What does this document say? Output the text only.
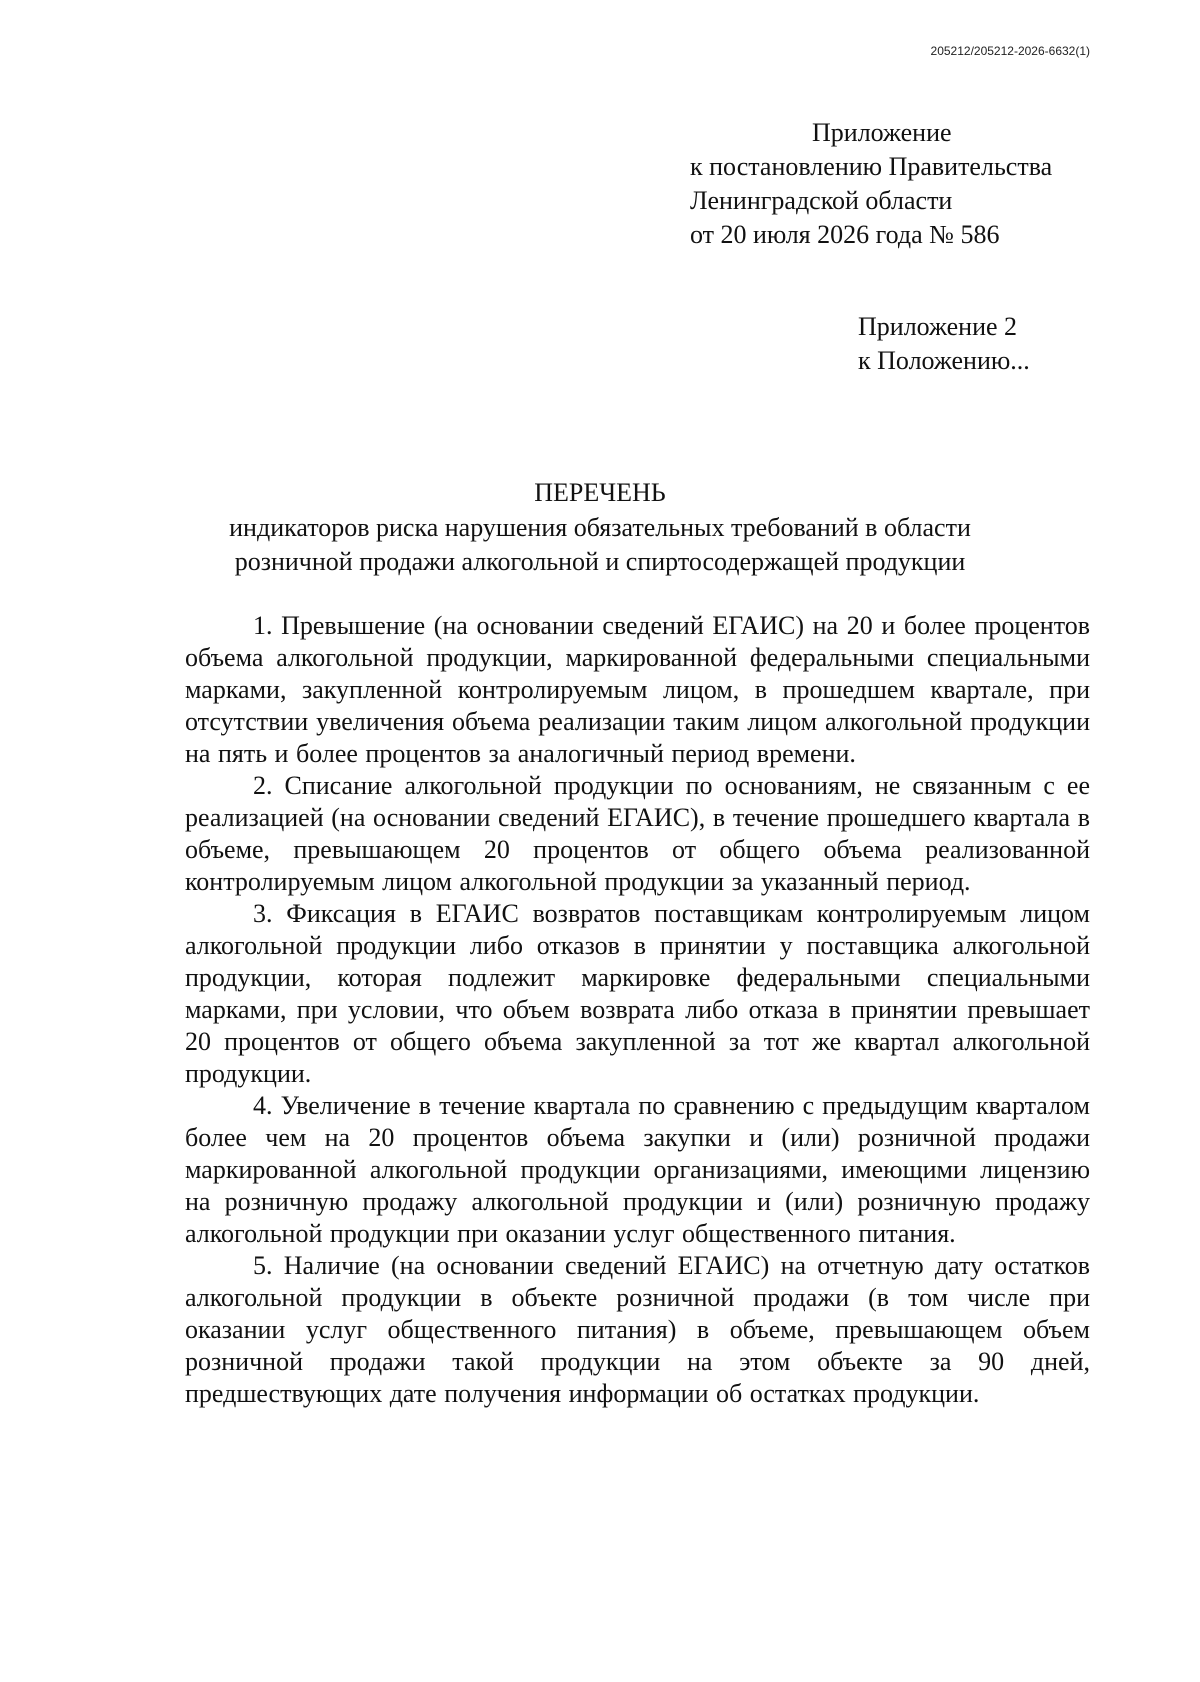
205212/205212-2026-6632(1)
Приложение
к постановлению Правительства
Ленинградской области
от 20 июля 2026 года № 586
Приложение 2
к Положению...
ПЕРЕЧЕНЬ
индикаторов риска нарушения обязательных требований в области
розничной продажи алкогольной и спиртосодержащей продукции

1. Превышение (на основании сведений ЕГАИС) на 20 и более процентов объема алкогольной продукции, маркированной федеральными специальными марками, закупленной контролируемым лицом, в прошедшем квартале, при отсутствии увеличения объема реализации таким лицом алкогольной продукции на пять и более процентов за аналогичный период времени.

2. Списание алкогольной продукции по основаниям, не связанным с ее реализацией (на основании сведений ЕГАИС), в течение прошедшего квартала в объеме, превышающем 20 процентов от общего объема реализованной контролируемым лицом алкогольной продукции за указанный период.

3. Фиксация в ЕГАИС возвратов поставщикам контролируемым лицом алкогольной продукции либо отказов в принятии у поставщика алкогольной продукции, которая подлежит маркировке федеральными специальными марками, при условии, что объем возврата либо отказа в принятии превышает 20 процентов от общего объема закупленной за тот же квартал алкогольной продукции.

4. Увеличение в течение квартала по сравнению с предыдущим кварталом более чем на 20 процентов объема закупки и (или) розничной продажи маркированной алкогольной продукции организациями, имеющими лицензию на розничную продажу алкогольной продукции и (или) розничную продажу алкогольной продукции при оказании услуг общественного питания.

5. Наличие (на основании сведений ЕГАИС) на отчетную дату остатков алкогольной продукции в объекте розничной продажи (в том числе при оказании услуг общественного питания) в объеме, превышающем объем розничной продажи такой продукции на этом объекте за 90 дней, предшествующих дате получения информации об остатках продукции.
